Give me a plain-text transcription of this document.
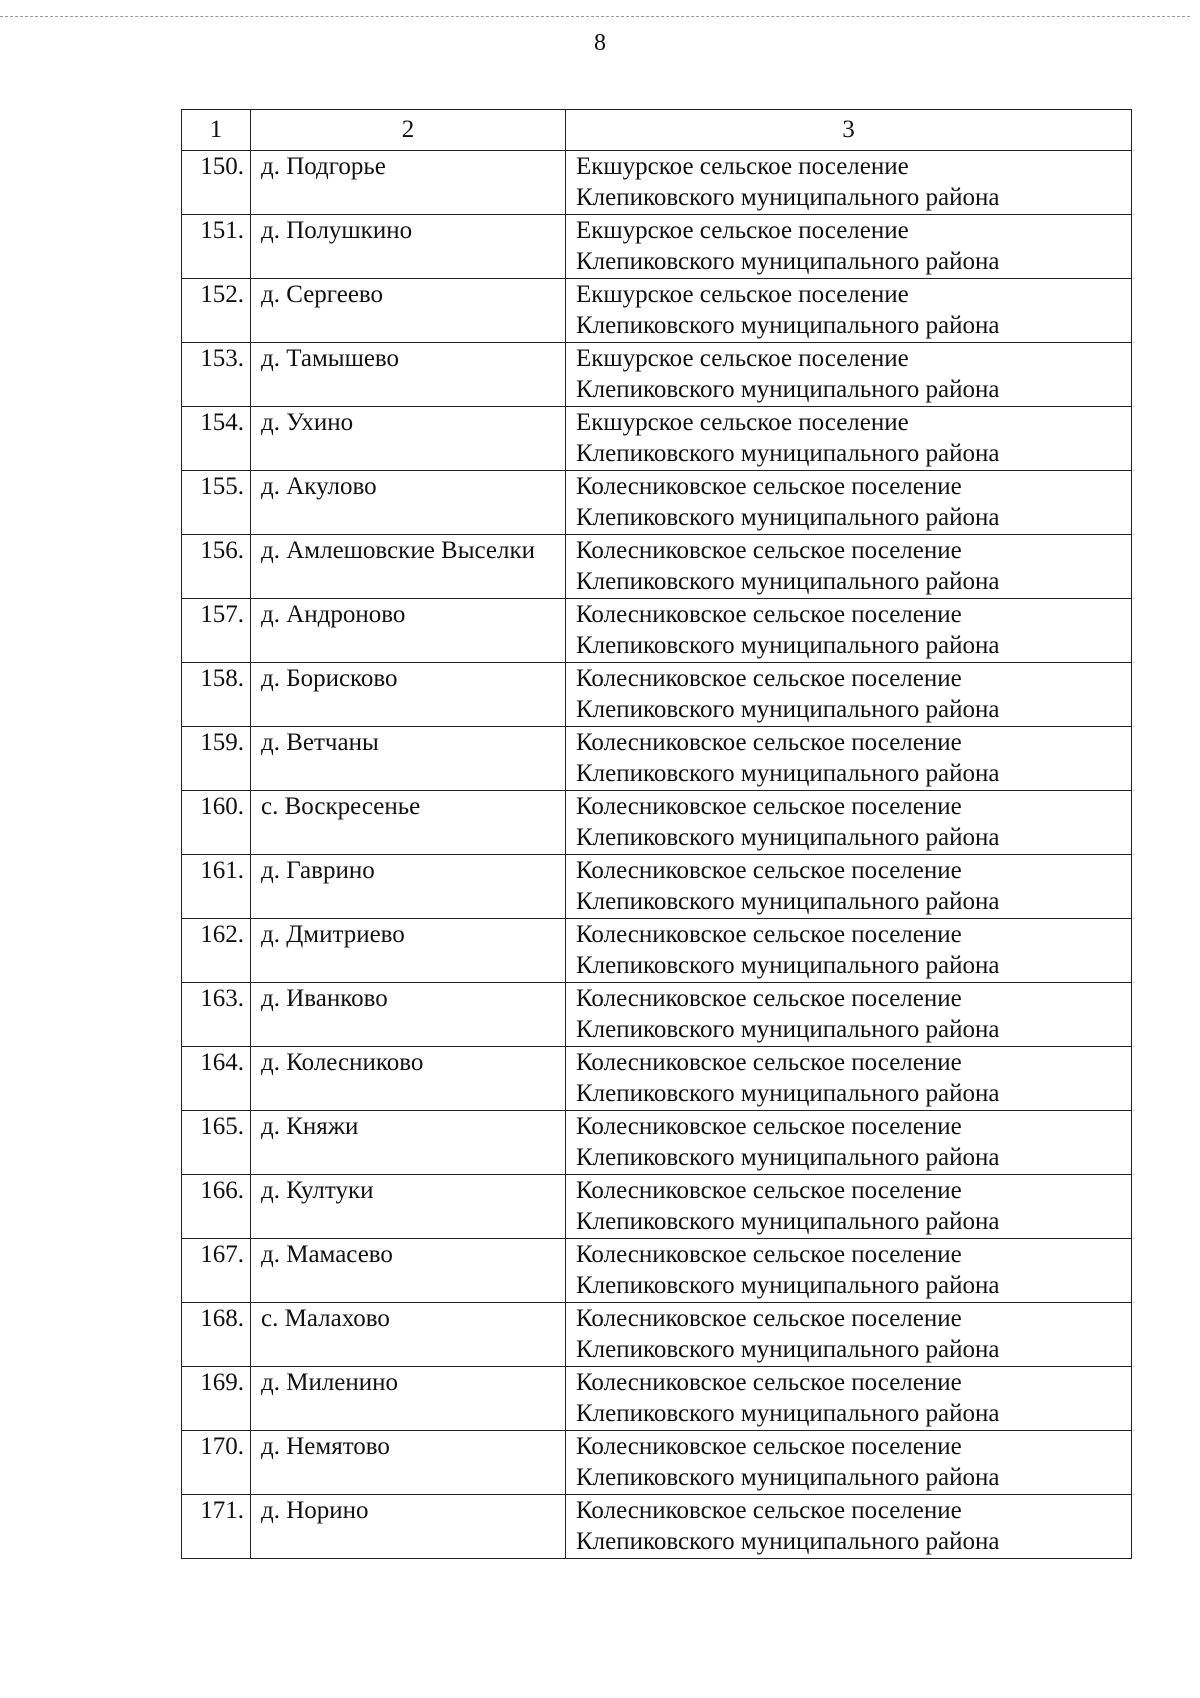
8
1	2	3
150.	д. Подгорье	Екшурское сельское поселение
Клепиковского муниципального района

151.	д. Полушкино	Екшурское сельское поселение
Клепиковского муниципального района

152.	д. Сергеево	Екшурское сельское поселение
Клепиковского муниципального района

153.	д. Тамышево	Екшурское сельское поселение
Клепиковского муниципального района

154.	д. Ухино	Екшурское сельское поселение
Клепиковского муниципального района

155.	д. Акулово	Колесниковское сельское поселение
Клепиковского муниципального района

156.	д. Амлешовские Выселки	Колесниковское сельское поселение
Клепиковского муниципального района

157.	д. Андроново	Колесниковское сельское поселение
Клепиковского муниципального района

158.	д. Борисково	Колесниковское сельское поселение
Клепиковского муниципального района

159.	д. Ветчаны	Колесниковское сельское поселение
Клепиковского муниципального района

160.	с. Воскресенье	Колесниковское сельское поселение
Клепиковского муниципального района

161.	д. Гаврино	Колесниковское сельское поселение
Клепиковского муниципального района

162.	д. Дмитриево	Колесниковское сельское поселение
Клепиковского муниципального района

163.	д. Иванково	Колесниковское сельское поселение
Клепиковского муниципального района

164.	д. Колесниково	Колесниковское сельское поселение
Клепиковского муниципального района

165.	д. Княжи	Колесниковское сельское поселение
Клепиковского муниципального района

166.	д. Култуки	Колесниковское сельское поселение
Клепиковского муниципального района

167.	д. Мамасево	Колесниковское сельское поселение
Клепиковского муниципального района

168.	с. Малахово	Колесниковское сельское поселение
Клепиковского муниципального района

169.	д. Миленино	Колесниковское сельское поселение
Клепиковского муниципального района

170.	д. Немятово	Колесниковское сельское поселение
Клепиковского муниципального района

171.	д. Норино	Колесниковское сельское поселение
Клепиковского муниципального района
